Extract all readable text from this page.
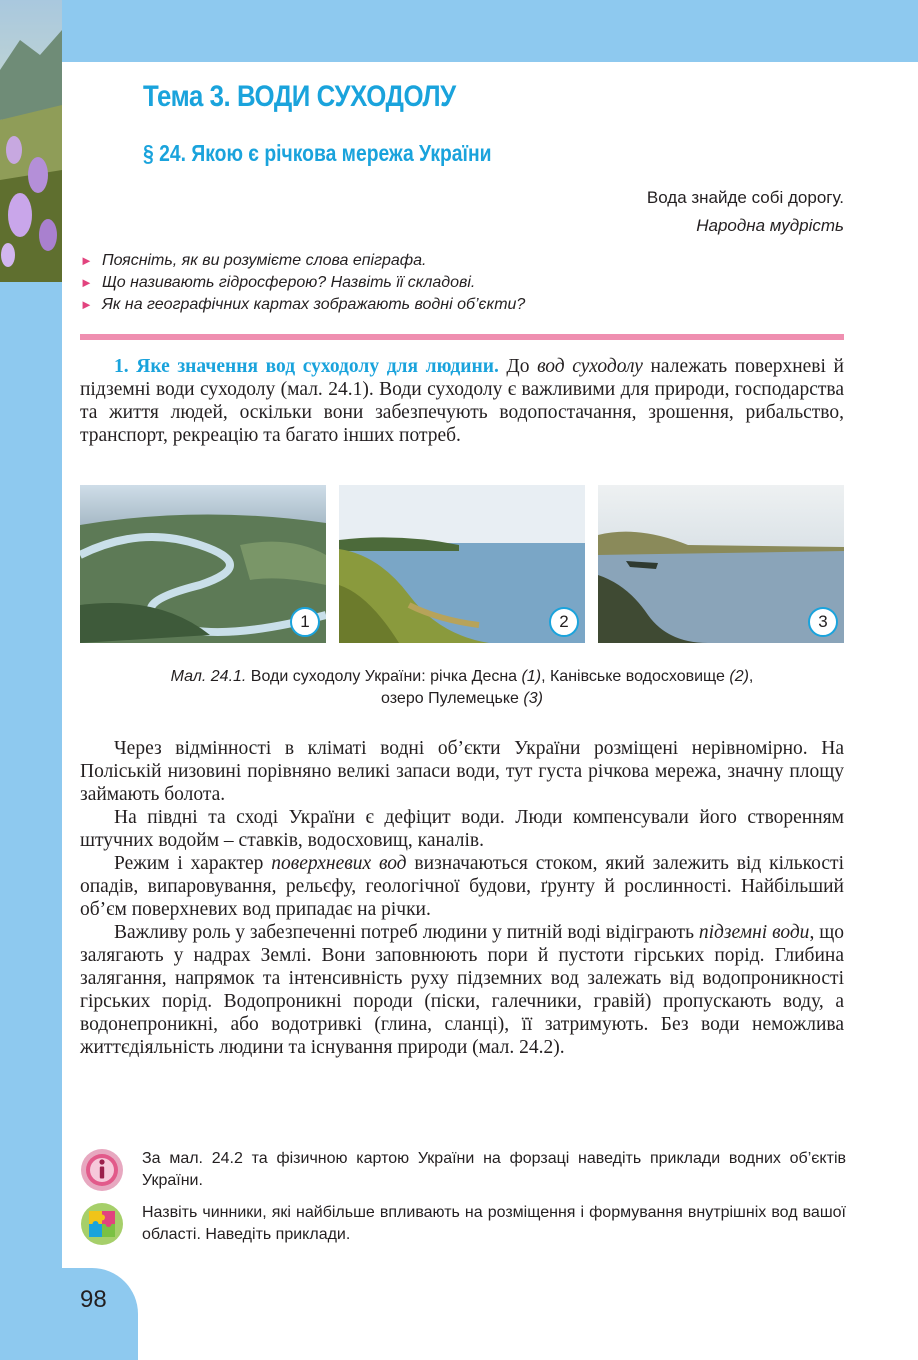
Тема 3. ВОДИ СУХОДОЛУ
§ 24. Якою є річкова мережа України
Вода знайде собі дорогу.
Народна мудрість
► Поясніть, як ви розумієте слова епіграфа.
► Що називають гідросферою? Назвіть її складові.
► Як на географічних картах зображають водні об’єкти?
1. Яке значення вод суходолу для людини. До вод суходолу належать поверхневі й підземні води суходолу (мал. 24.1). Води суходолу є важливими для природи, господарства та життя людей, оскільки вони забезпечують водопостачання, зрошення, рибальство, транспорт, рекреацію та багато інших потреб.
1	2	3
Мал. 24.1. Води суходолу України: річка Десна (1), Канівське водосховище (2),
озеро Пулемецьке (3)

Через відмінності в кліматі водні об’єкти України розміщені нерівномірно. На Поліській низовині порівняно великі запаси води, тут густа річкова мережа, значну площу займають болота.

На півдні та сході України є дефіцит води. Люди компенсували його створенням штучних водойм – ставків, водосховищ, каналів.

Режим і характер поверхневих вод визначаються стоком, який залежить від кількості опадів, випаровування, рельєфу, геологічної будови, ґрунту й рослинності. Найбільший об’єм поверхневих вод припадає на річки.

Важливу роль у забезпеченні потреб людини у питній воді відіграють підземні води, що залягають у надрах Землі. Вони заповнюють пори й пустоти гірських порід. Глибина залягання, напрямок та інтенсивність руху підземних вод залежать від водопроникності гірських порід. Водопроникні породи (піски, галечники, гравій) пропускають воду, а водонепроникні, або водотривкі (глина, сланці), її затримують. Без води неможлива життєдіяльність людини та існування природи (мал. 24.2).

За мал. 24.2 та фізичною картою України на форзаці наведіть приклади водних об’єктів України.
Назвіть чинники, які найбільше впливають на розміщення і формування внутрішніх вод вашої області. Наведіть приклади.
98
